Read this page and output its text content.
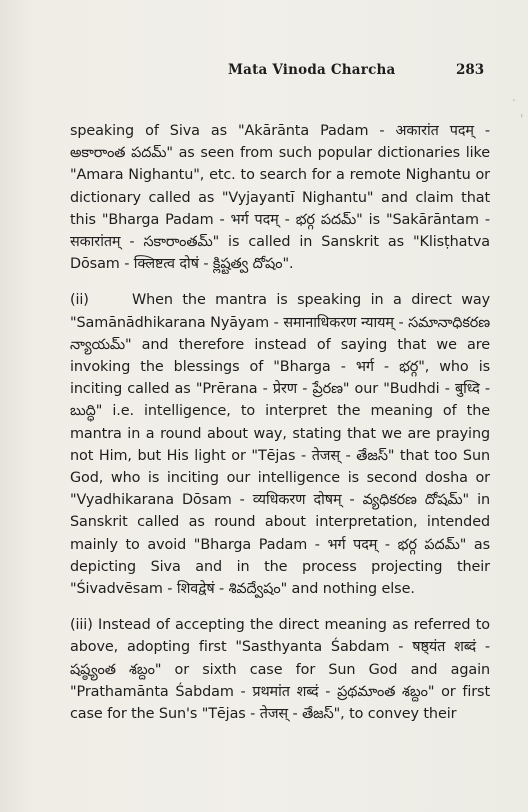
Mata Vinoda Charcha	283
.
'

speaking of Siva as "Akārānta Padam - अकारांत पदम् - అకారాంత పదమ్" as seen from such popular dictionaries like "Amara Nighantu", etc. to search for a remote Nighantu or dictionary called as "Vyjayantī Nighantu" and claim that this "Bharga Padam - भर्ग पदम् - భర్గ పదమ్" is "Sakārāntam - सकारांतम् - సకారాంతమ్" is called in Sanskrit as "Klisṭhatva Dōsam - क्लिष्टत्व दोषं - క్లిష్టత్వ దోషం".

(ii)	When the mantra is speaking in a direct way "Samānādhikarana Nyāyam - समानाधिकरण न्यायम् - సమానాధికరణ న్యాయమ్" and therefore instead of saying that we are invoking the blessings of "Bharga - भर्ग - భర్గ", who is inciting called as "Prērana - प्रेरण - ప్రేరణ" our "Budhdi - बुध्दि - బుద్ధి" i.e. intelligence, to interpret the meaning of the mantra in a round about way, stating that we are praying not Him, but His light or "Tējas - तेजस् - తేజస్" that too Sun God, who is inciting our intelligence is second dosha or "Vyadhikarana Dōsam - व्यधिकरण दोषम् - వ్యధికరణ దోషమ్" in Sanskrit called as round about interpretation, intended mainly to avoid "Bharga Padam - भर्ग पदम् - భర్గ పదమ్" as depicting Siva and in the process projecting their "Śivadvēsam - शिवद्वेषं - శివద్వేషం" and nothing else.

(iii) Instead of accepting the direct meaning as referred to above, adopting first "Sasthyanta Śabdam - षष्ठ्यंत शब्दं - షష్ఠ్యంత శబ్దం" or sixth case for Sun God and again "Prathamānta Śabdam - प्रथमांत शब्दं - ప్రథమాంత శబ్దం" or first case for the Sun's "Tējas - तेजस् - తేజస్", to convey their
